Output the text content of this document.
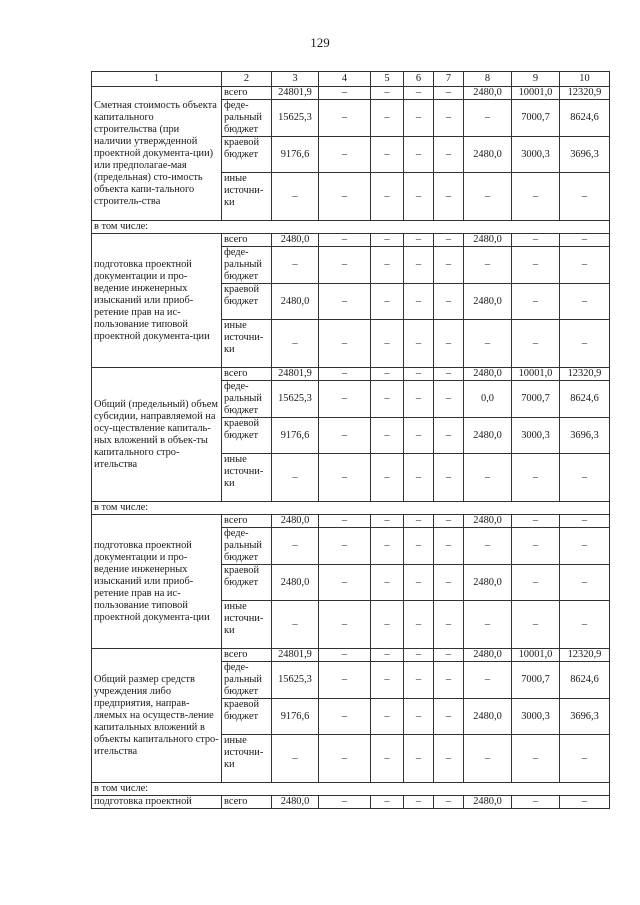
129
1	2	3	4	5	6	7	8	9	10
Сметная стоимость объекта капитального строительства (при наличии утвержденной проектной документа-ции) или предполагае-мая (предельная) сто-имость объекта капи-тального строитель-ства	всего	24801,9	–	–	–	–	2480,0	10001,0	12320,9
	феде-ральный бюджет	15625,3	–	–	–	–	–	7000,7	8624,6
	краевой бюджет	9176,6	–	–	–	–	2480,0	3000,3	3696,3
	иные источни-ки	–	–	–	–	–	–	–	–
в том числе:									
подготовка проектной документации и про-ведение инженерных изысканий или приоб-ретение прав на ис-пользование типовой проектной документа-ции	всего	2480,0	–	–	–	–	2480,0	–	–
	феде-ральный бюджет	–	–	–	–	–	–	–	–
	краевой бюджет	2480,0	–	–	–	–	2480,0	–	–
	иные источни-ки	–	–	–	–	–	–	–	–
Общий (предельный) объем субсидии, направляемой на осу-ществление капиталь-ных вложений в объек-ты капитального стро-ительства	всего	24801,9	–	–	–	–	2480,0	10001,0	12320,9
	феде-ральный бюджет	15625,3	–	–	–	–	0,0	7000,7	8624,6
	краевой бюджет	9176,6	–	–	–	–	2480,0	3000,3	3696,3
	иные источни-ки	–	–	–	–	–	–	–	–
в том числе:									
подготовка проектной документации и про-ведение инженерных изысканий или приоб-ретение прав на ис-пользование типовой проектной документа-ции	всего	2480,0	–	–	–	–	2480,0	–	–
	феде-ральный бюджет	–	–	–	–	–	–	–	–
	краевой бюджет	2480,0	–	–	–	–	2480,0	–	–
	иные источни-ки	–	–	–	–	–	–	–	–
Общий размер средств учреждения либо предприятия, направ-ляемых на осуществ-ление капитальных вложений в объекты капитального стро-ительства	всего	24801,9	–	–	–	–	2480,0	10001,0	12320,9
	феде-ральный бюджет	15625,3	–	–	–	–	–	7000,7	8624,6
	краевой бюджет	9176,6	–	–	–	–	2480,0	3000,3	3696,3
	иные источни-ки	–	–	–	–	–	–	–	–
в том числе:									
подготовка проектной	всего	2480,0	–	–	–	–	2480,0	–	–
